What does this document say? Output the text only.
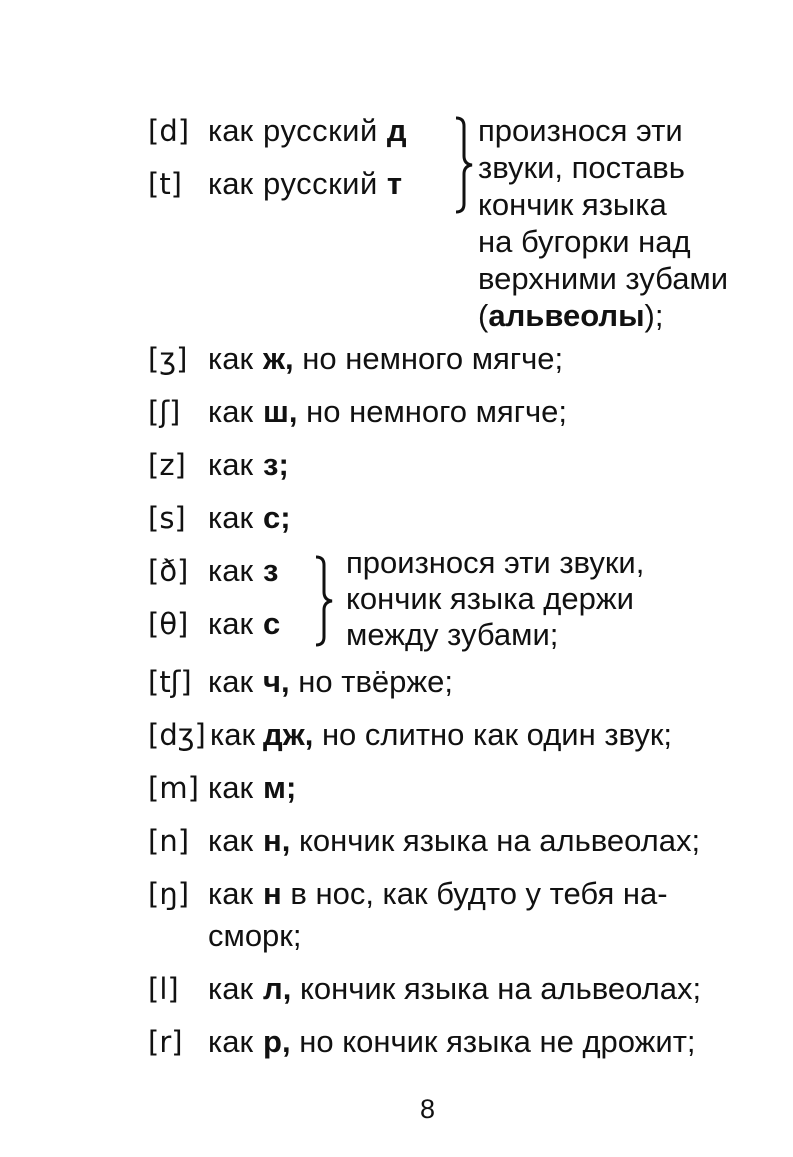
[d] как русский д
[t] как русский т
произнося эти
звуки, поставь
кончик языка
на бугорки над
верхними зубами
(альвеолы);
[ʒ] как ж, но немного мягче;
[ʃ] как ш, но немного мягче;
[z] как з;
[s] как с;
[ð] как з
[θ] как с
произнося эти звуки,
кончик языка держи
между зубами;
[tʃ] как ч, но твёрже;
[dʒ] как дж, но слитно как один звук;
[m] как м;
[n] как н, кончик языка на альвеолах;
[ŋ] как н в нос, как будто у тебя на-
сморк;
[l] как л, кончик языка на альвеолах;
[r] как р, но кончик языка не дрожит;
8
